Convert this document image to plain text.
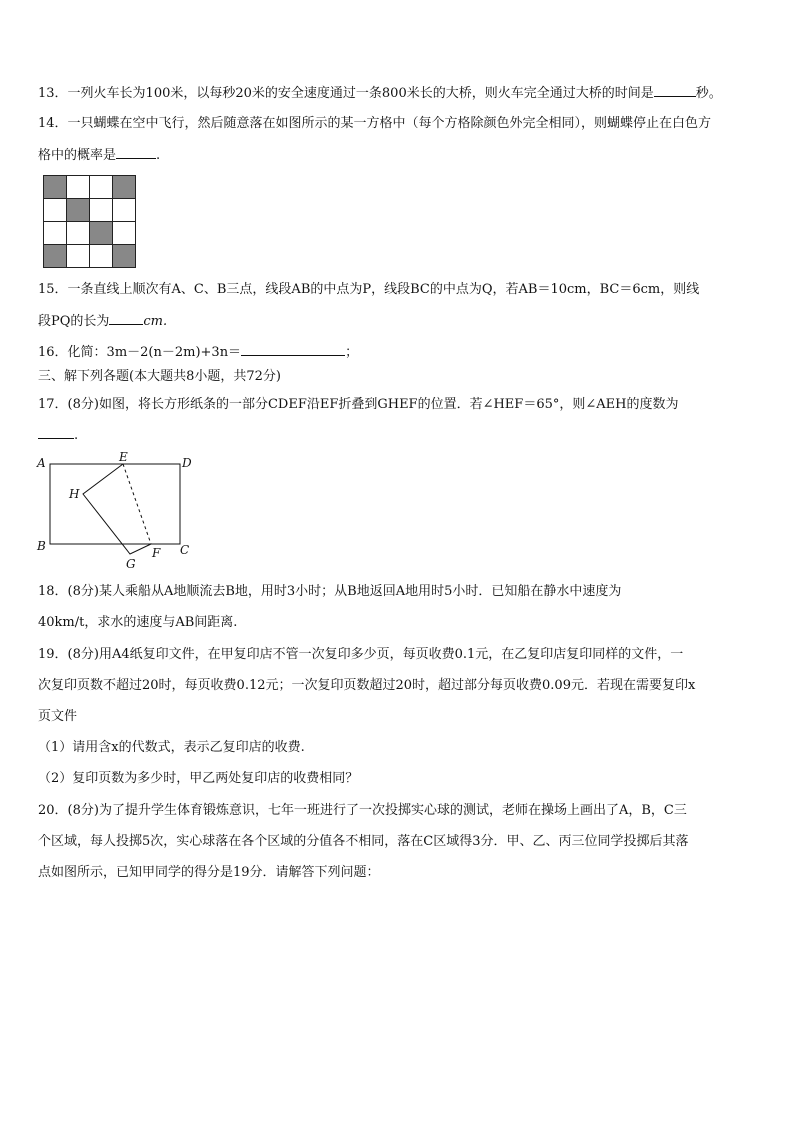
13．一列火车长为100米，以每秒20米的安全速度通过一条800米长的大桥，则火车完全通过大桥的时间是	秒。
14．一只蝴蝶在空中飞行，然后随意落在如图所示的某一方格中（每个方格除颜色外完全相同），则蝴蝶停止在白色方
格中的概率是	.
15．一条直线上顺次有A、C、B三点，线段AB的中点为P，线段BC的中点为Q，若AB＝10cm，BC＝6cm，则线
段PQ的长为	cm.
16．化简：3m－2(n－2m)+3n＝	；
三、解下列各题(本大题共8小题，共72分)
17．(8分)如图，将长方形纸条的一部分CDEF沿EF折叠到GHEF的位置．若∠HEF＝65°，则∠AEH的度数为
.
A
B	C
D
E
F
G
H
18．(8分)某人乘船从A地顺流去B地，用时3小时；从B地返回A地用时5小时．已知船在静水中速度为
40km/t，求水的速度与AB间距离.
19．(8分)用A4纸复印文件，在甲复印店不管一次复印多少页，每页收费0.1元，在乙复印店复印同样的文件，一
次复印页数不超过20时，每页收费0.12元；一次复印页数超过20时，超过部分每页收费0.09元．若现在需要复印x
页文件
（1）请用含x的代数式，表示乙复印店的收费.
（2）复印页数为多少时，甲乙两处复印店的收费相同？
20．(8分)为了提升学生体育锻炼意识，七年一班进行了一次投掷实心球的测试，老师在操场上画出了A，B，C三
个区域，每人投掷5次，实心球落在各个区域的分值各不相同，落在C区域得3分．甲、乙、丙三位同学投掷后其落
点如图所示，已知甲同学的得分是19分．请解答下列问题：
